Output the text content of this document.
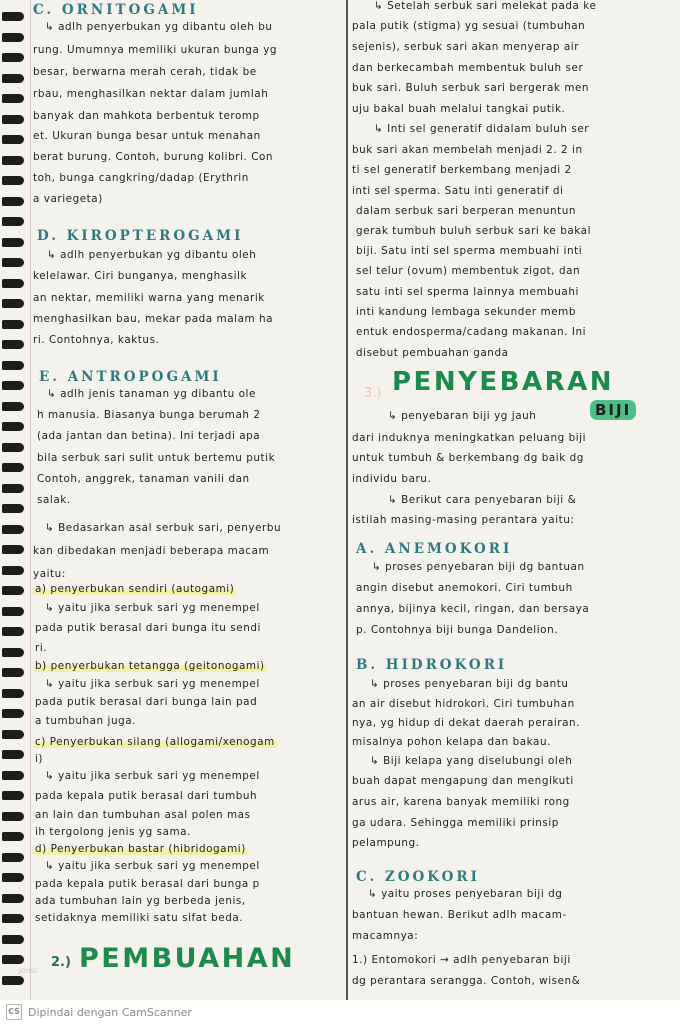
C. ORNITOGAMI
↳ adlh penyerbukan yg dibantu oleh bu
rung. Umumnya memiliki ukuran bunga yg
besar, berwarna merah cerah, tidak be
rbau, menghasilkan nektar dalam jumlah
banyak dan mahkota berbentuk teromp
et. Ukuran bunga besar untuk menahan
berat burung. Contoh, burung kolibri. Con
toh, bunga cangkring/dadap (Erythrin
a variegeta)
D. KIROPTEROGAMI
↳ adlh penyerbukan yg dibantu oleh
kelelawar. Ciri bunganya, menghasilk
an nektar, memiliki warna yang menarik
menghasilkan bau, mekar pada malam ha
ri. Contohnya, kaktus.
E. ANTROPOGAMI
↳ adlh jenis tanaman yg dibantu ole
h manusia. Biasanya bunga berumah 2
(ada jantan dan betina). Ini terjadi apa
bila serbuk sari sulit untuk bertemu putik
Contoh, anggrek, tanaman vanili dan
salak.
↳ Bedasarkan asal serbuk sari, penyerbu
kan dibedakan menjadi beberapa macam
yaitu:
a) penyerbukan sendiri (autogami)
↳ yaitu jika serbuk sari yg menempel
pada putik berasal dari bunga itu sendi
ri.
b) penyerbukan tetangga (geitonogami)
↳ yaitu jika serbuk sari yg menempel
pada putik berasal dari bunga lain pad
a tumbuhan juga.
c) Penyerbukan silang (allogami/xenogam
i)
↳ yaitu jika serbuk sari yg menempel
pada kepala putik berasal dari tumbuh
an lain dan tumbuhan asal polen mas
ih tergolong jenis yg sama.
d) Penyerbukan bastar (hibridogami)
↳ yaitu jika serbuk sari yg menempel
pada kepala putik berasal dari bunga p
ada tumbuhan lain yg berbeda jenis,
setidaknya memiliki satu sifat beda.
2.) PEMBUAHAN
JOYKO
↳ Setelah serbuk sari melekat pada ke
pala putik (stigma) yg sesuai (tumbuhan
sejenis), serbuk sari akan menyerap air
dan berkecambah membentuk buluh ser
buk sari. Buluh serbuk sari bergerak men
uju bakal buah melalui tangkai putik.
↳ Inti sel generatif didalam buluh ser
buk sari akan membelah menjadi 2. 2 in
ti sel generatif berkembang menjadi 2
inti sel sperma. Satu inti generatif di
dalam serbuk sari berperan menuntun
gerak tumbuh buluh serbuk sari ke bakal
biji. Satu inti sel sperma membuahi inti
sel telur (ovum) membentuk zigot, dan
satu inti sel sperma lainnya membuahi
inti kandung lembaga sekunder memb
entuk endosperma/cadang makanan. Ini
disebut pembuahan ganda
3.) PENYEBARAN
BIJI
↳ penyebaran biji yg jauh
dari induknya meningkatkan peluang biji
untuk tumbuh & berkembang dg baik dg
individu baru.
↳ Berikut cara penyebaran biji &
istilah masing-masing perantara yaitu:
A. ANEMOKORI
↳ proses penyebaran biji dg bantuan
angin disebut anemokori. Ciri tumbuh
annya, bijinya kecil, ringan, dan bersaya
p. Contohnya biji bunga Dandelion.
B. HIDROKORI
↳ proses penyebaran biji dg bantu
an air disebut hidrokori. Ciri tumbuhan
nya, yg hidup di dekat daerah perairan.
misalnya pohon kelapa dan bakau.
↳ Biji kelapa yang diselubungi oleh
buah dapat mengapung dan mengikuti
arus air, karena banyak memiliki rong
ga udara. Sehingga memiliki prinsip
pelampung.
C. ZOOKORI
↳ yaitu proses penyebaran biji dg
bantuan hewan. Berikut adlh macam-
macamnya:
1.) Entomokori → adlh penyebaran biji
dg perantara serangga. Contoh, wisen&
CS Dipindai dengan CamScanner
